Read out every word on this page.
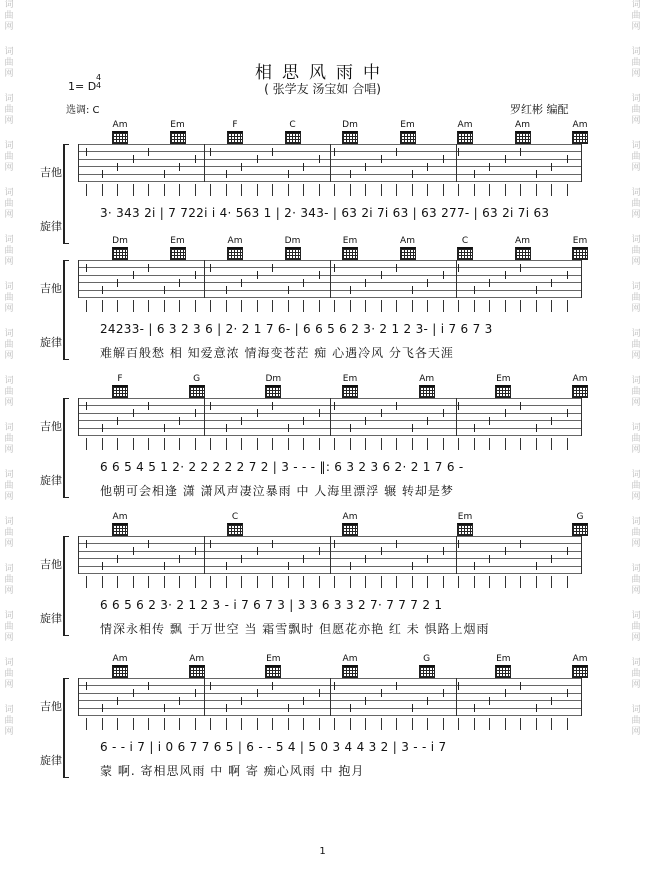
词
曲
网
词
曲
网
词
曲
网
词
曲
网
词
曲
网
词
曲
网
词
曲
网
词
曲
网
词
曲
网
词
曲
网
词
曲
网
词
曲
网
词
曲
网
词
曲
网
词
曲
网
词
曲
网
词
曲
网
词
曲
网
词
曲
网
词
曲
网
词
曲
网
词
曲
网
词
曲
网
词
曲
网
词
曲
网
词
曲
网
词
曲
网
词
曲
网
词
曲
网
词
曲
网
词
曲
网
词
曲
网
相思风雨中
( 张学友 汤宝如 合唱)
1= D
4
4
选调: C	罗红彬 编配
吉他
旋律
Am	Em	F	C	Dm	Em	Am	Am	Am
3· 343 2i | 7 722i i 4· 563 1 | 2· 343- | 63 2i 7i 63 | 63 277- | 63 2i 7i 63
吉他
旋律
Dm	Em	Am	Dm	Em	Am	C	Am	Em
24233- | 6 3 2 3 6 | 2· 2 1 7 6- | 6 6 5 6 2 3· 2 1 2 3- | i 7 6 7 3
难解百般愁 相 知爱意浓 情海变苍茫 痴 心遇冷风 分飞各天涯
吉他
旋律
F	G	Dm	Em	Am	Em	Am
6 6 5 4 5 1 2· 2 2 2 2 2 7 2 | 3 - - - ‖: 6 3 2 3 6 2· 2 1 7 6 -
他朝可会相逢 潇 潇风声凄泣暴雨 中 人海里漂浮 辗 转却是梦
吉他
旋律
Am	C	Am	Em	G
6 6 5 6 2 3· 2 1 2 3 - i 7 6 7 3 | 3 3 6 3 3 2 7· 7 7 7 2 1
情深永相传 飘 于万世空 当 霜雪飘时 但愿花亦艳 红 未 惧路上烟雨
吉他
旋律
Am	Am	Em	Am	G	Em	Am
6 - - i 7 | i 0 6 7 7 6 5 | 6 - - 5 4 | 5 0 3 4 4 3 2 | 3 - - i 7
蒙 啊. 寄相思风雨 中 啊 寄 痴心风雨 中 抱月
1
